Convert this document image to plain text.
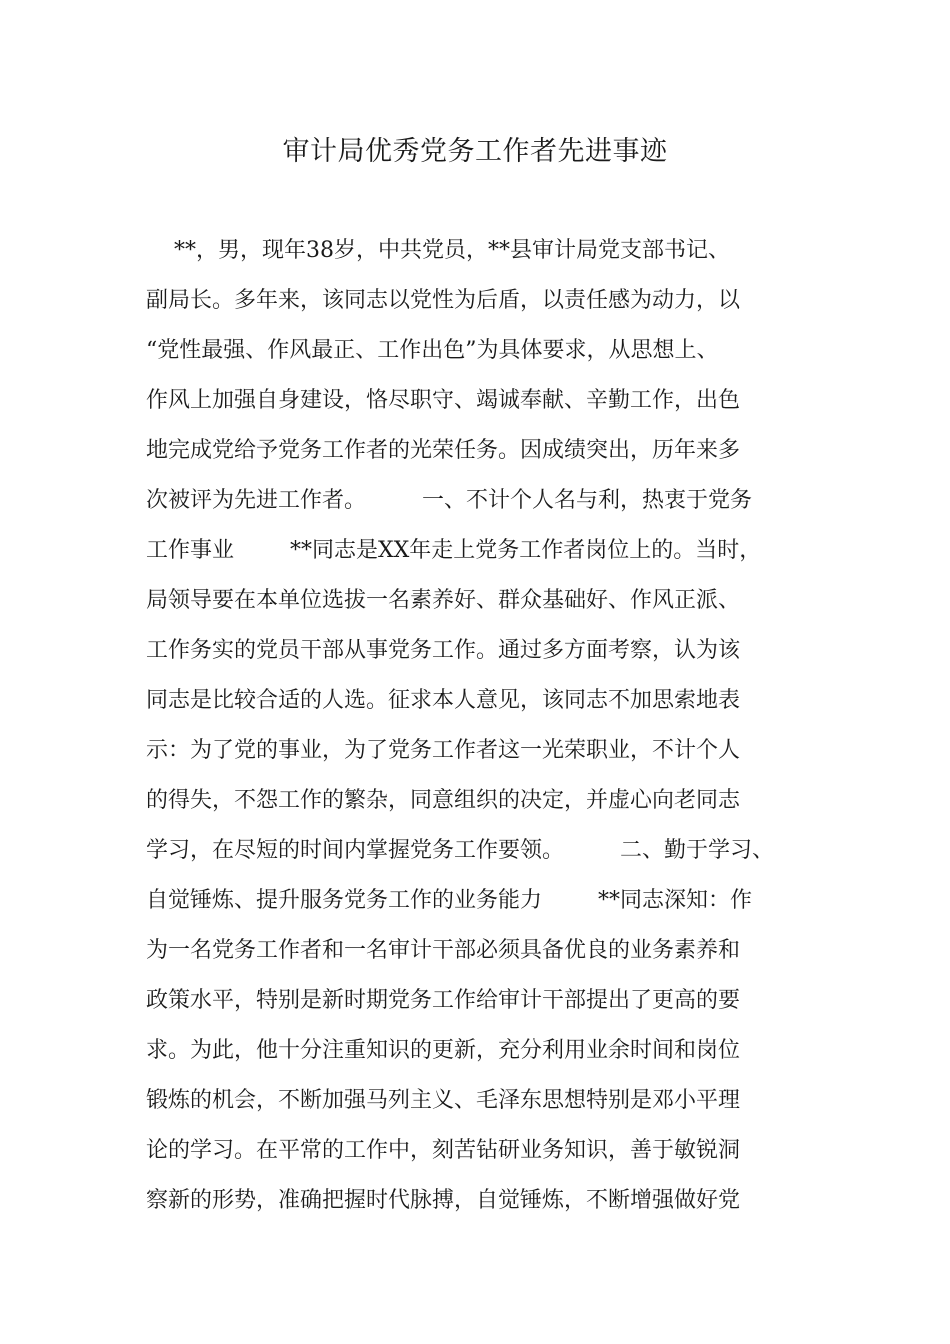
审计局优秀党务工作者先进事迹
**，男，现年38岁，中共党员，**县审计局党支部书记、
副局长。多年来，该同志以党性为后盾，以责任感为动力，以
“党性最强、作风最正、工作出色”为具体要求，从思想上、
作风上加强自身建设，恪尽职守、竭诚奉献、辛勤工作，出色
地完成党给予党务工作者的光荣任务。因成绩突出，历年来多
次被评为先进工作者。        一、不计个人名与利，热衷于党务
工作事业        **同志是XX年走上党务工作者岗位上的。当时，
局领导要在本单位选拔一名素养好、群众基础好、作风正派、
工作务实的党员干部从事党务工作。通过多方面考察，认为该
同志是比较合适的人选。征求本人意见，该同志不加思索地表
示：为了党的事业，为了党务工作者这一光荣职业，不计个人
的得失，不怨工作的繁杂，同意组织的决定，并虚心向老同志
学习，在尽短的时间内掌握党务工作要领。        二、勤于学习、
自觉锤炼、提升服务党务工作的业务能力        **同志深知：作
为一名党务工作者和一名审计干部必须具备优良的业务素养和
政策水平，特别是新时期党务工作给审计干部提出了更高的要
求。为此，他十分注重知识的更新，充分利用业余时间和岗位
锻炼的机会，不断加强马列主义、毛泽东思想特别是邓小平理
论的学习。在平常的工作中，刻苦钻研业务知识，善于敏锐洞
察新的形势，准确把握时代脉搏，自觉锤炼，不断增强做好党
